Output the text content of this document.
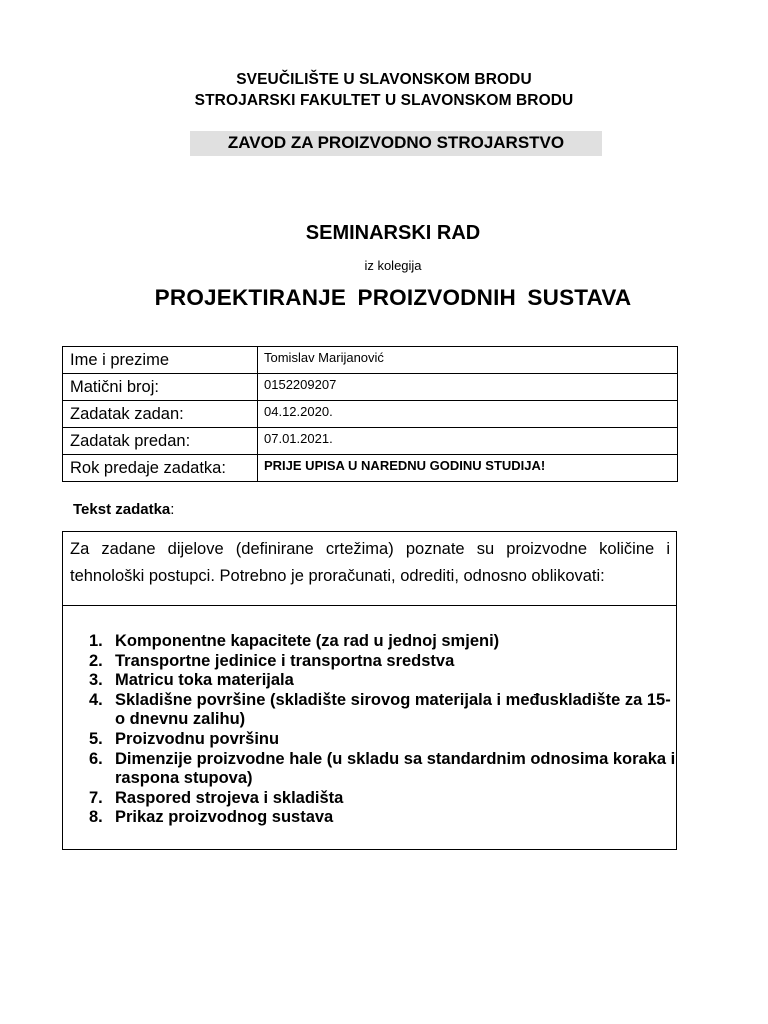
SVEUČILIŠTE U SLAVONSKOM BRODU
STROJARSKI FAKULTET U SLAVONSKOM BRODU
ZAVOD ZA PROIZVODNO STROJARSTVO
SEMINARSKI RAD
iz kolegija
PROJEKTIRANJE PROIZVODNIH SUSTAVA
Ime i prezime	Tomislav Marijanović
Matični broj:	0152209207
Zadatak zadan:	04.12.2020.
Zadatak predan:	07.01.2021.
Rok predaje zadatka:	PRIJE UPISA U NAREDNU GODINU STUDIJA!
Tekst zadatka:
Za zadane dijelove (definirane crtežima) poznate su proizvodne količine i tehnološki postupci. Potrebno je proračunati, odrediti, odnosno oblikovati:
1. Komponentne kapacitete (za rad u jednoj smjeni)
2. Transportne jedinice i transportna sredstva
3. Matricu toka materijala
4. Skladišne površine (skladište sirovog materijala i međuskladište za 15-o dnevnu zalihu)
5. Proizvodnu površinu
6. Dimenzije proizvodne hale (u skladu sa standardnim odnosima koraka i raspona stupova)
7. Raspored strojeva i skladišta
8. Prikaz proizvodnog sustava
